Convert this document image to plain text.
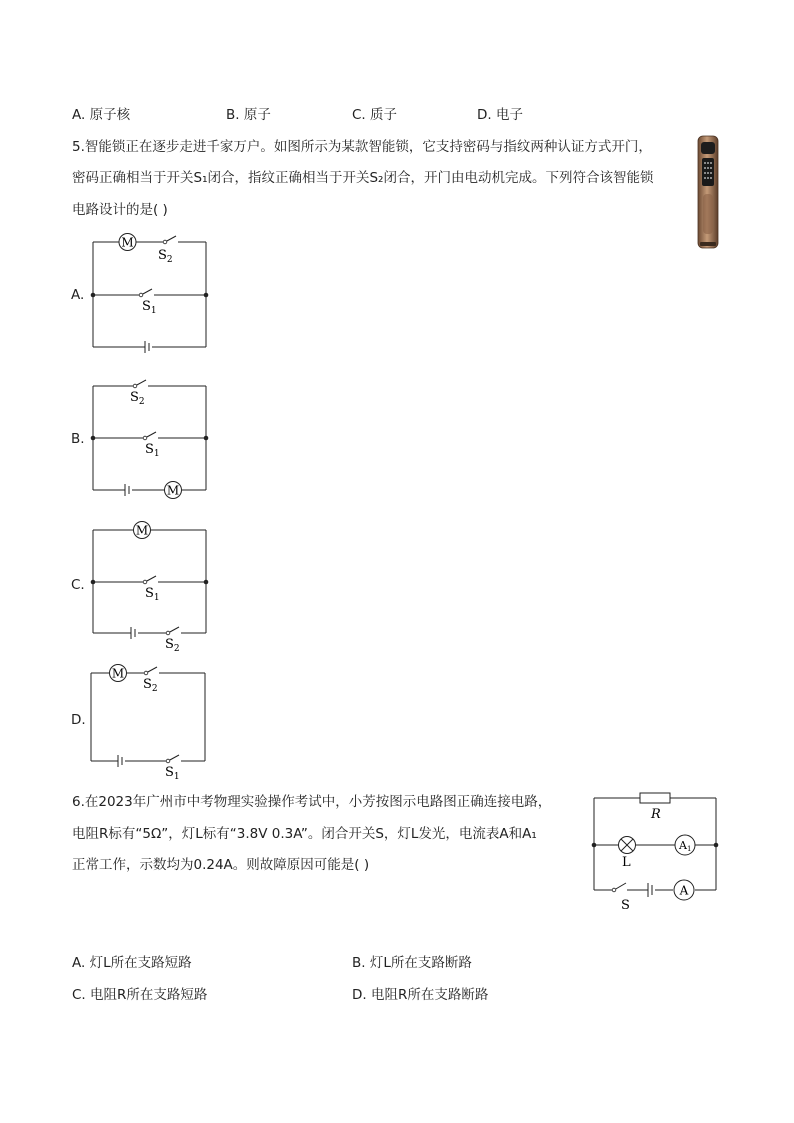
A. 原子核	B. 原子	C. 质子	D. 电子
5.智能锁正在逐步走进千家万户。如图所示为某款智能锁，它支持密码与指纹两种认证方式开门，
密码正确相当于开关S₁闭合，指纹正确相当于开关S₂闭合，开门由电动机完成。下列符合该智能锁
电路设计的是( )
A.
M
$S_2$
$S_1$
B.
M
$S_2$
$S_1$
C.
M
$S_1$
$S_2$
D.
M
$S_2$
$S_1$
6.在2023年广州市中考物理实验操作考试中，小芳按图示电路图正确连接电路，
电阻R标有“5Ω”，灯L标有“3.8V 0.3A”。闭合开关S，灯L发光，电流表A和A₁
正常工作，示数均为0.24A。则故障原因可能是( )
R
L
S
A1
A
A. 灯L所在支路短路	B. 灯L所在支路断路
C. 电阻R所在支路短路	D. 电阻R所在支路断路
